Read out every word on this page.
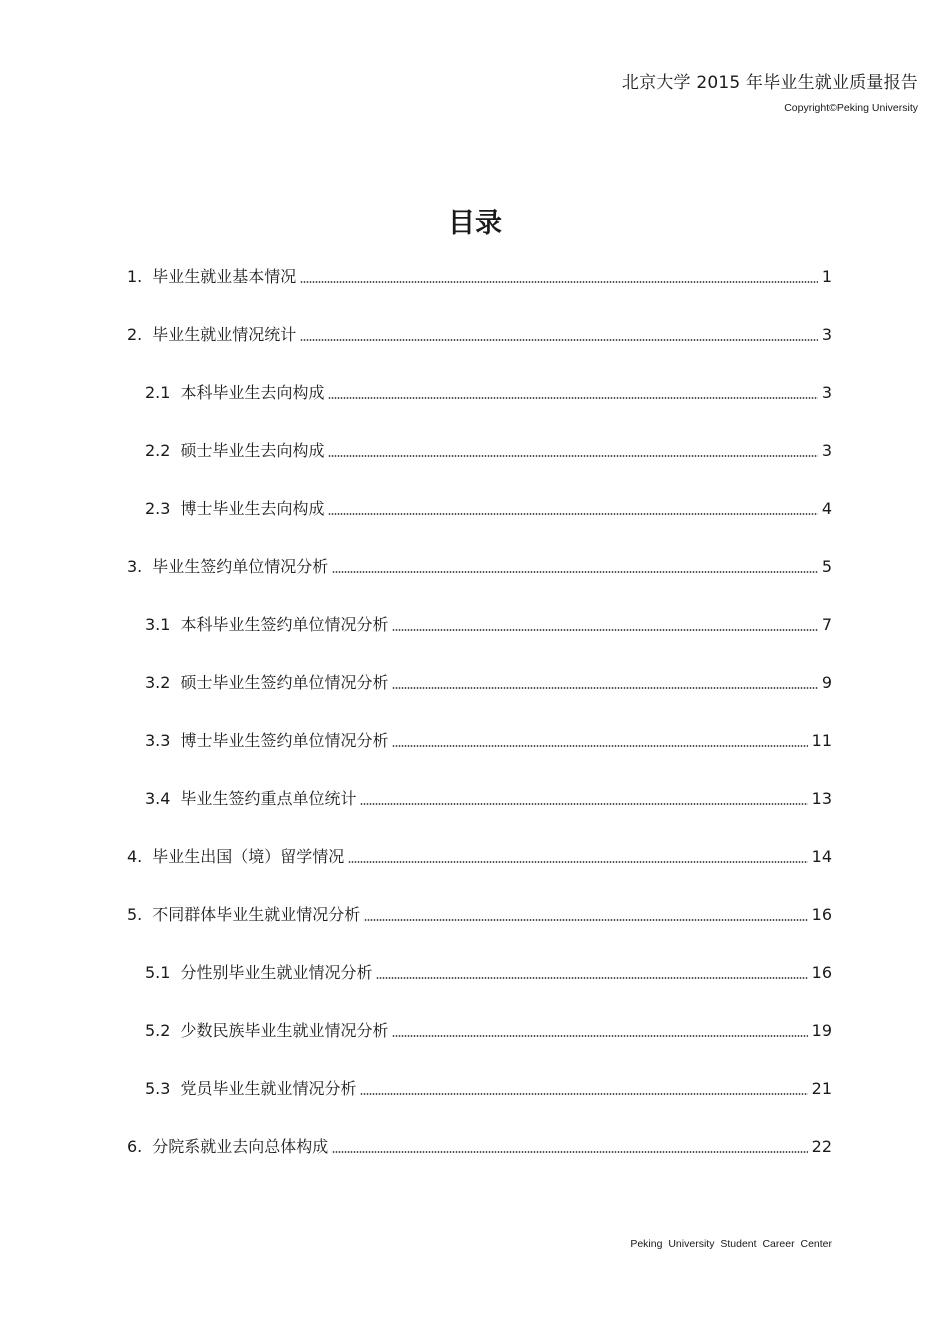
北京大学 2015 年毕业生就业质量报告
Copyright©Peking University
目录
1. 毕业生就业基本情况	1
2. 毕业生就业情况统计	3
2.1 本科毕业生去向构成	3
2.2 硕士毕业生去向构成	3
2.3 博士毕业生去向构成	4
3. 毕业生签约单位情况分析	5
3.1 本科毕业生签约单位情况分析	7
3.2 硕士毕业生签约单位情况分析	9
3.3 博士毕业生签约单位情况分析	11
3.4 毕业生签约重点单位统计	13
4. 毕业生出国（境）留学情况	14
5. 不同群体毕业生就业情况分析	16
5.1 分性别毕业生就业情况分析	16
5.2 少数民族毕业生就业情况分析	19
5.3 党员毕业生就业情况分析	21
6. 分院系就业去向总体构成	22
Peking University Student Career Center
